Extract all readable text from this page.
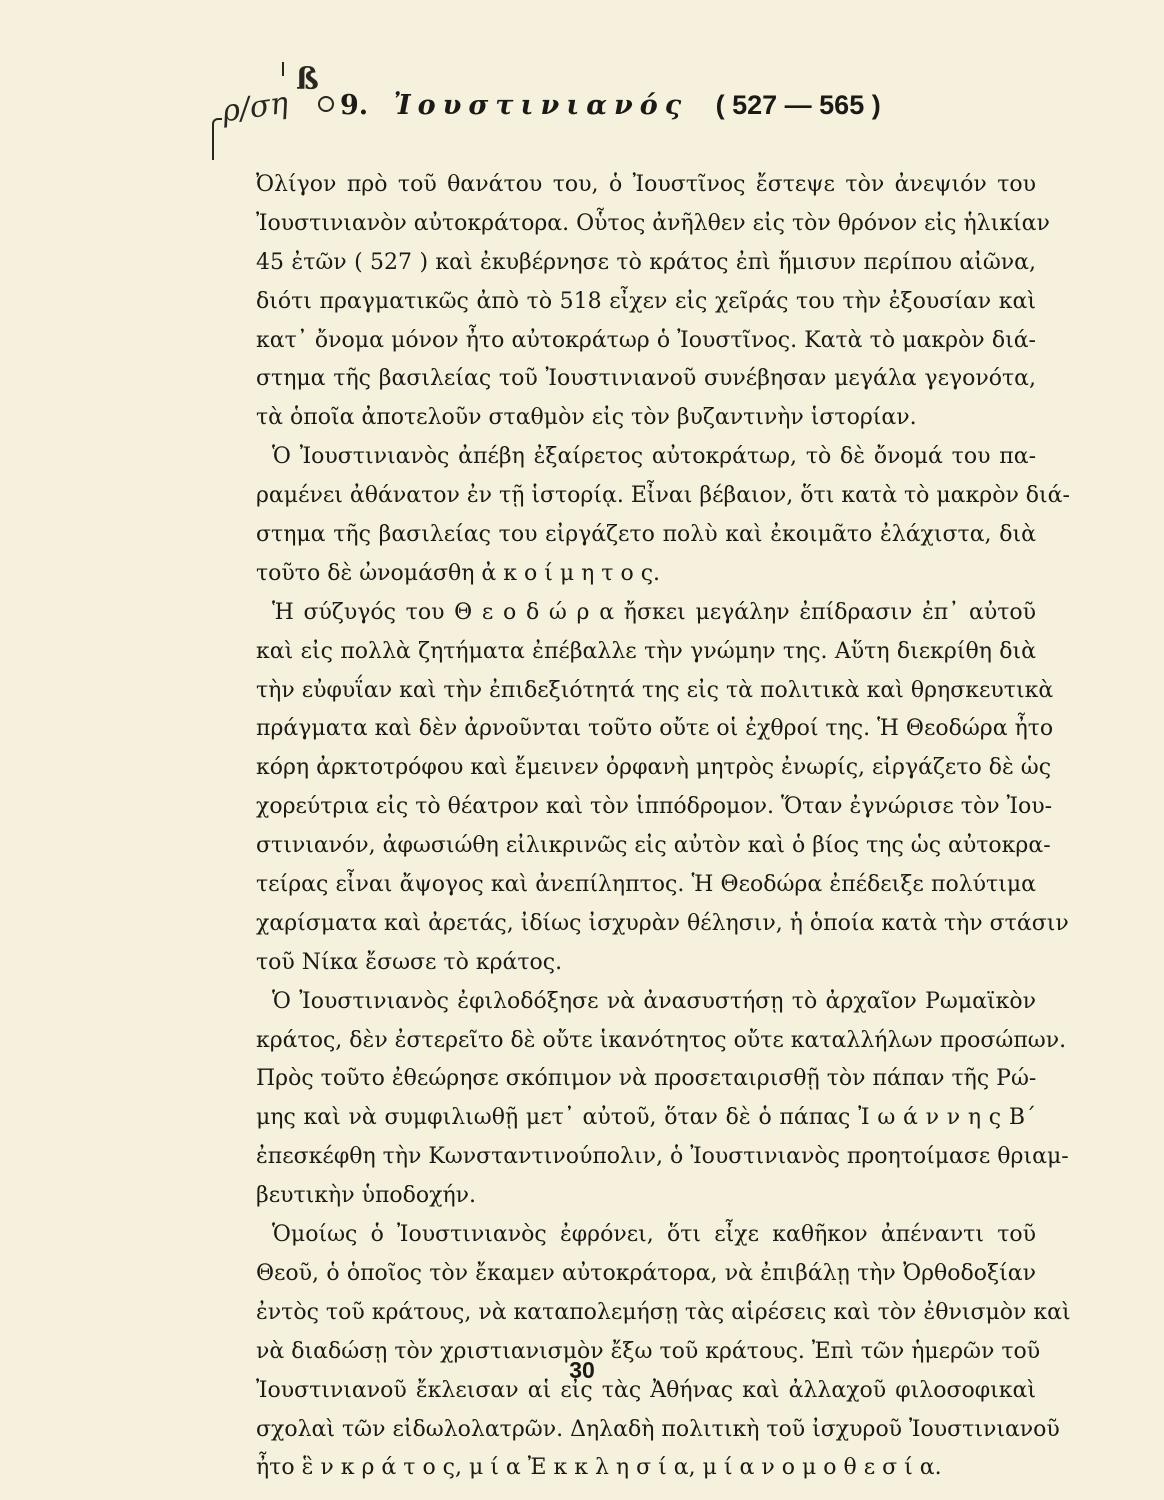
ß
ρ/ση 9. Ἰουστινιανός ( 527 — 565 )
Ὀλίγον πρὸ τοῦ θανάτου του, ὁ Ἰουστῖνος ἔστεψε τὸν ἀνεψιόν του
Ἰουστινιανὸν αὐτοκράτορα. Οὗτος ἀνῆλθεν εἰς τὸν θρόνον εἰς ἡλικίαν
45 ἐτῶν ( 527 ) καὶ ἐκυβέρνησε τὸ κράτος ἐπὶ ἥμισυν περίπου αἰῶνα,
διότι πραγματικῶς ἀπὸ τὸ 518 εἶχεν εἰς χεῖράς του τὴν ἐξουσίαν καὶ
κατ᾽ ὄνομα μόνον ἦτο αὐτοκράτωρ ὁ Ἰουστῖνος. Κατὰ τὸ μακρὸν διά-
στημα τῆς βασιλείας τοῦ Ἰουστινιανοῦ συνέβησαν μεγάλα γεγονότα,
τὰ ὁποῖα ἀποτελοῦν σταθμὸν εἰς τὸν βυζαντινὴν ἱστορίαν.
Ὁ Ἰουστινιανὸς ἀπέβη ἐξαίρετος αὐτοκράτωρ, τὸ δὲ ὄνομά του πα-
ραμένει ἀθάνατον ἐν τῇ ἱστορίᾳ. Εἶναι βέβαιον, ὅτι κατὰ τὸ μακρὸν διά-
στημα τῆς βασιλείας του εἰργάζετο πολὺ καὶ ἐκοιμᾶτο ἐλάχιστα, διὰ
τοῦτο δὲ ὠνομάσθη ἀ κ ο ί μ η τ ο ς.
Ἡ σύζυγός του Θ ε ο δ ώ ρ α ἤσκει μεγάλην ἐπίδρασιν ἐπ᾽ αὐτοῦ
καὶ εἰς πολλὰ ζητήματα ἐπέβαλλε τὴν γνώμην της. Αὕτη διεκρίθη διὰ
τὴν εὐφυΐαν καὶ τὴν ἐπιδεξιότητά της εἰς τὰ πολιτικὰ καὶ θρησκευτικὰ
πράγματα καὶ δὲν ἀρνοῦνται τοῦτο οὔτε οἱ ἐχθροί της. Ἡ Θεοδώρα ἦτο
κόρη ἀρκτοτρόφου καὶ ἔμεινεν ὀρφανὴ μητρὸς ἐνωρίς, εἰργάζετο δὲ ὡς
χορεύτρια εἰς τὸ θέατρον καὶ τὸν ἱππόδρομον. Ὅταν ἐγνώρισε τὸν Ἰου-
στινιανόν, ἀφωσιώθη εἰλικρινῶς εἰς αὐτὸν καὶ ὁ βίος της ὡς αὐτοκρα-
τείρας εἶναι ἄψογος καὶ ἀνεπίληπτος. Ἡ Θεοδώρα ἐπέδειξε πολύτιμα
χαρίσματα καὶ ἀρετάς, ἰδίως ἰσχυρὰν θέλησιν, ἡ ὁποία κατὰ τὴν στάσιν
τοῦ Νίκα ἔσωσε τὸ κράτος.
Ὁ Ἰουστινιανὸς ἐφιλοδόξησε νὰ ἀνασυστήσῃ τὸ ἀρχαῖον Ρωμαϊκὸν
κράτος, δὲν ἐστερεῖτο δὲ οὔτε ἱκανότητος οὔτε καταλλήλων προσώπων.
Πρὸς τοῦτο ἐθεώρησε σκόπιμον νὰ προσεταιρισθῇ τὸν πάπαν τῆς Ρώ-
μης καὶ νὰ συμφιλιωθῇ μετ᾽ αὐτοῦ, ὅταν δὲ ὁ πάπας Ἰ ω ά ν ν η ς Β΄
ἐπεσκέφθη τὴν Κωνσταντινούπολιν, ὁ Ἰουστινιανὸς προητοίμασε θριαμ-
βευτικὴν ὑποδοχήν.
Ὁμοίως ὁ Ἰουστινιανὸς ἐφρόνει, ὅτι εἶχε καθῆκον ἀπέναντι τοῦ
Θεοῦ, ὁ ὁποῖος τὸν ἔκαμεν αὐτοκράτορα, νὰ ἐπιβάλῃ τὴν Ὀρθοδοξίαν
ἐντὸς τοῦ κράτους, νὰ καταπολεμήσῃ τὰς αἱρέσεις καὶ τὸν ἐθνισμὸν καὶ
νὰ διαδώσῃ τὸν χριστιανισμὸν ἔξω τοῦ κράτους. Ἐπὶ τῶν ἡμερῶν τοῦ
Ἰουστινιανοῦ ἔκλεισαν αἱ εἰς τὰς Ἀθήνας καὶ ἀλλαχοῦ φιλοσοφικαὶ
σχολαὶ τῶν εἰδωλολατρῶν. Δηλαδὴ πολιτικὴ τοῦ ἰσχυροῦ Ἰουστινιανοῦ
ἦτο ἓ ν κ ρ ά τ ο ς, μ ί α Ἐ κ κ λ η σ ί α, μ ί α ν ο μ ο θ ε σ ί α.
30
